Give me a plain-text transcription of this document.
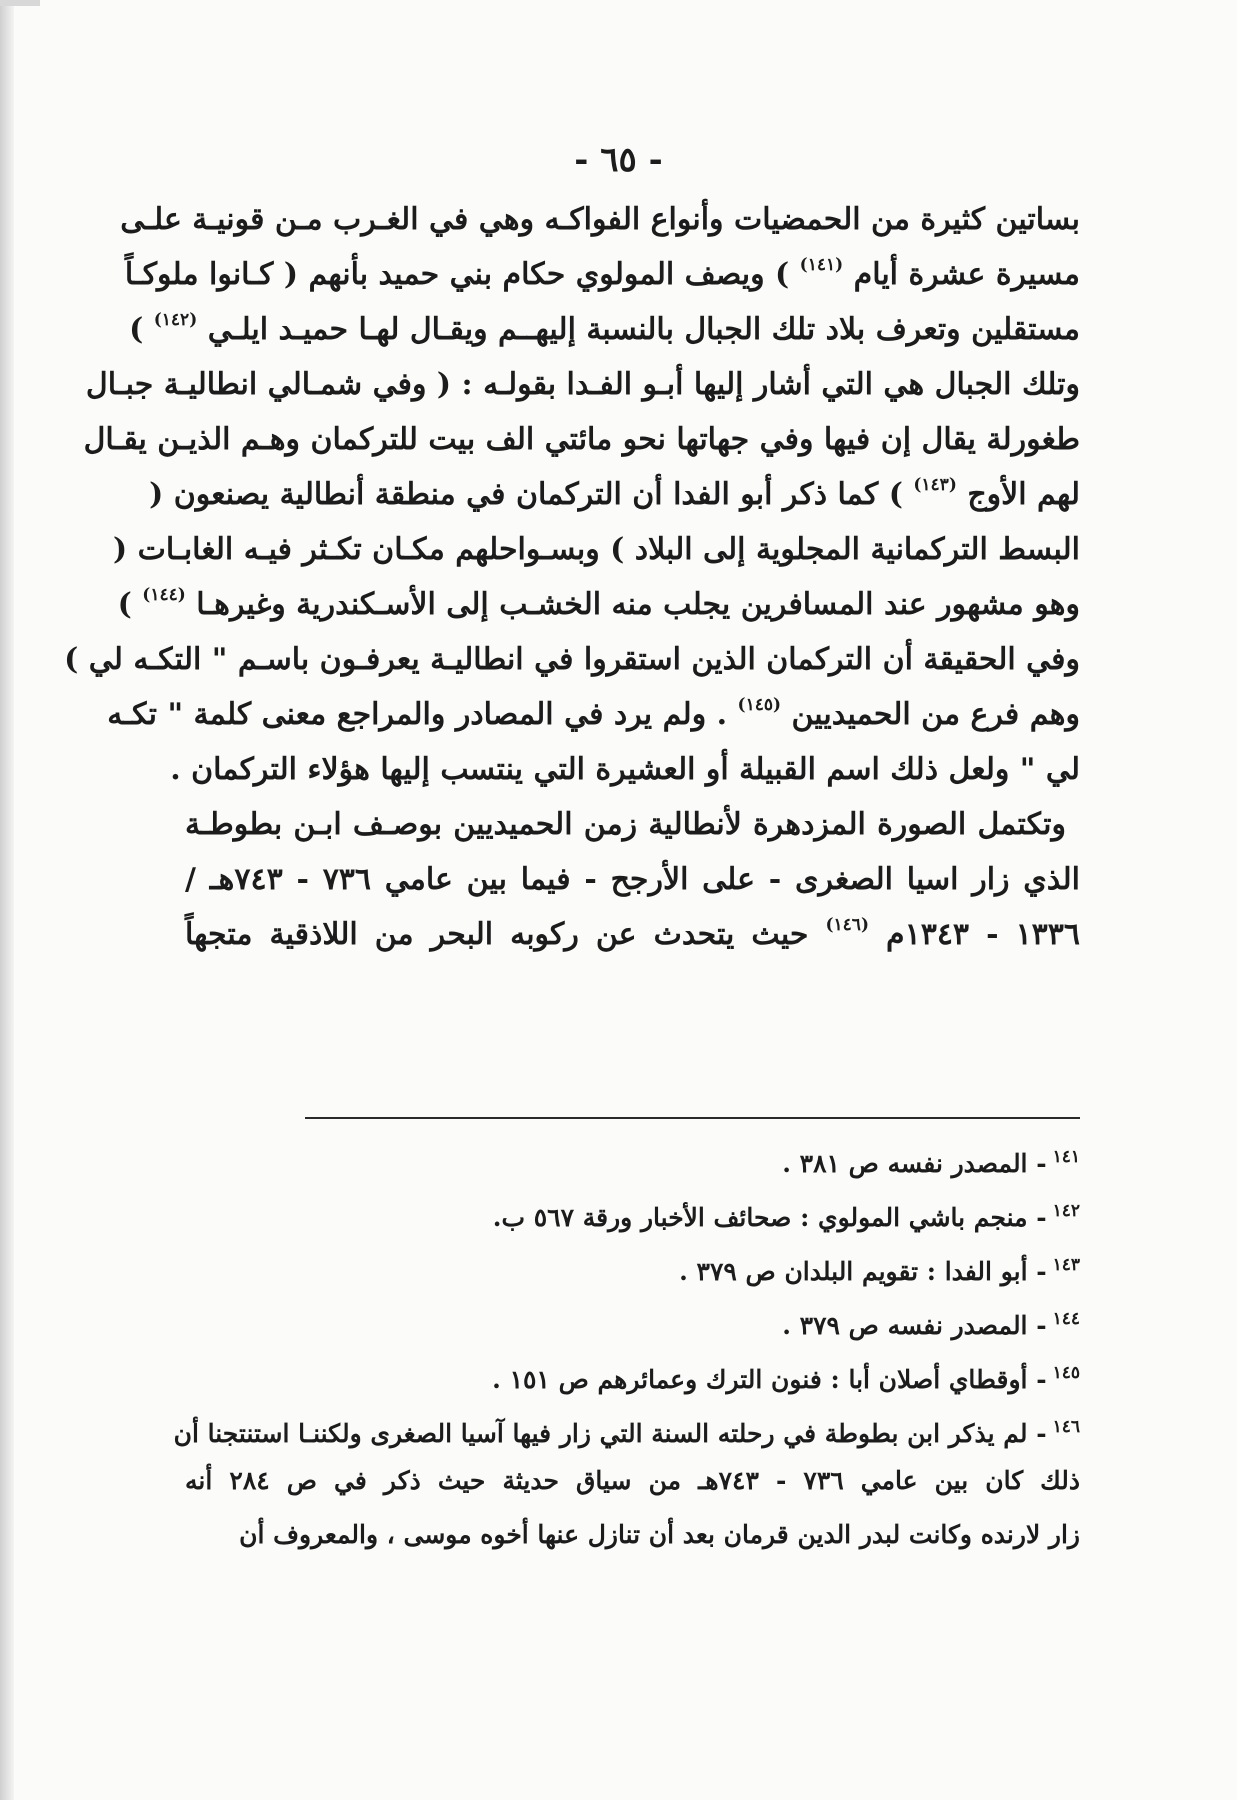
- ٦٥ -
بساتين كثيرة من الحمضيات وأنواع الفواكـه وهي في الغـرب مـن قونيـة علـى
مسيرة عشرة أيام $^{(١٤١)}$ ) ويصف المولوي حكام بني حميد بأنهم ( كـانوا ملوكـاً
مستقلين وتعرف بلاد تلك الجبال بالنسبة إليهــم ويقـال لهـا حميـد ايلـي $^{(١٤٢)}$ )
وتلك الجبال هي التي أشار إليها أبـو الفـدا بقولـه : ( وفي شمـالي انطاليـة جبـال
طغورلة يقال إن فيها وفي جهاتها نحو مائتي الف بيت للتركمان وهـم الذيـن يقـال
لهم الأوج $^{(١٤٣)}$ ) كما ذكر أبو الفدا أن التركمان في منطقة أنطالية يصنعون (
البسط التركمانية المجلوية إلى البلاد ) وبسـواحلهم مكـان تكـثر فيـه الغابـات (
وهو مشهور عند المسافرين يجلب منه الخشـب إلى الأسـكندرية وغيرهـا $^{(١٤٤)}$ )
وفي الحقيقة أن التركمان الذين استقروا في انطاليـة يعرفـون باسـم " التكـه لي )
وهم فرع من الحميديين $^{(١٤٥)}$ . ولم يرد في المصادر والمراجع معنى كلمة " تكـه
لي " ولعل ذلك اسم القبيلة أو العشيرة التي ينتسب إليها هؤلاء التركمان .
وتكتمل الصورة المزدهرة لأنطالية زمن الحميديين بوصـف ابـن بطوطـة
الذي زار اسيا الصغرى - على الأرجح - فيما بين عامي ٧٣٦ - ٧٤٣هـ /
١٣٣٦ - ١٣٤٣م $^{(١٤٦)}$ حيث يتحدث عن ركوبه البحر من اللاذقية متجهاً
$^{١٤١}$- المصدر نفسه ص ٣٨١ .
$^{١٤٢}$- منجم باشي المولوي : صحائف الأخبار ورقة ٥٦٧ ب.
$^{١٤٣}$- أبو الفدا : تقويم البلدان ص ٣٧٩ .
$^{١٤٤}$- المصدر نفسه ص ٣٧٩ .
$^{١٤٥}$- أوقطاي أصلان أبا : فنون الترك وعمائرهم ص ١٥١ .
$^{١٤٦}$- لم يذكر ابن بطوطة في رحلته السنة التي زار فيها آسيا الصغرى ولكننـا استنتجنا أن
ذلك كان بين عامي ٧٣٦ - ٧٤٣هـ من سياق حديثة حيث ذكر في ص ٢٨٤ أنه
زار لارنده وكانت لبدر الدين قرمان بعد أن تنازل عنها أخوه موسى ، والمعروف أن
